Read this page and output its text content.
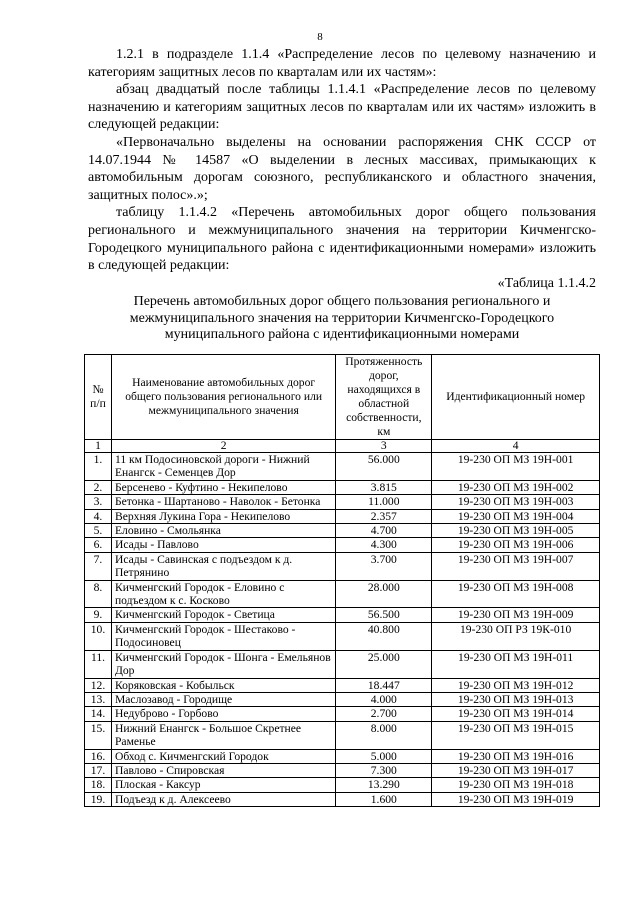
8

1.2.1 в подразделе 1.1.4 «Распределение лесов по целевому назначению и категориям защитных лесов по кварталам или их частям»:

абзац двадцатый после таблицы 1.1.4.1 «Распределение лесов по целевому назначению и категориям защитных лесов по кварталам или их частям» изложить в следующей редакции:

«Первоначально выделены на основании распоряжения СНК СССР от 14.07.1944 № 14587 «О выделении в лесных массивах, примыкающих к автомобильным дорогам союзного, республиканского и областного значения, защитных полос».»;

таблицу 1.1.4.2 «Перечень автомобильных дорог общего пользования регионального и межмуниципального значения на территории Кичменгско-Городецкого муниципального района с идентификационными номерами» изложить в следующей редакции:

«Таблица 1.1.4.2

Перечень автомобильных дорог общего пользования регионального и межмуниципального значения на территории Кичменгско-Городецкого муниципального района с идентификационными номерами

№ п/п	Наименование автомобильных дорог общего пользования регионального или межмуниципального значения	Протяженность дорог, находящихся в областной собственности, км	Идентификационный номер
1	2	3	4
1.	11 км Подосиновской дороги - Нижний Енангск - Семенцев Дор	56.000	19-230 ОП МЗ 19Н-001
2.	Берсенево - Куфтино - Некипелово	3.815	19-230 ОП МЗ 19Н-002
3.	Бетонка - Шартаново - Наволок - Бетонка	11.000	19-230 ОП МЗ 19Н-003
4.	Верхняя Лукина Гора - Некипелово	2.357	19-230 ОП МЗ 19Н-004
5.	Еловино - Смольянка	4.700	19-230 ОП МЗ 19Н-005
6.	Исады - Павлово	4.300	19-230 ОП МЗ 19Н-006
7.	Исады - Савинская с подъездом к д. Петрянино	3.700	19-230 ОП МЗ 19Н-007
8.	Кичменгский Городок - Еловино с подъездом к с. Косково	28.000	19-230 ОП МЗ 19Н-008
9.	Кичменгский Городок - Светица	56.500	19-230 ОП МЗ 19Н-009
10.	Кичменгский Городок - Шестаково - Подосиновец	40.800	19-230 ОП РЗ 19К-010
11.	Кичменгский Городок - Шонга - Емельянов Дор	25.000	19-230 ОП МЗ 19Н-011
12.	Коряковская - Кобыльск	18.447	19-230 ОП МЗ 19Н-012
13.	Маслозавод - Городище	4.000	19-230 ОП МЗ 19Н-013
14.	Недуброво - Горбово	2.700	19-230 ОП МЗ 19Н-014
15.	Нижний Енангск - Большое Скретнее Раменье	8.000	19-230 ОП МЗ 19Н-015
16.	Обход с. Кичменгский Городок	5.000	19-230 ОП МЗ 19Н-016
17.	Павлово - Спировская	7.300	19-230 ОП МЗ 19Н-017
18.	Плоская - Каксур	13.290	19-230 ОП МЗ 19Н-018
19.	Подъезд к д. Алексеево	1.600	19-230 ОП МЗ 19Н-019
